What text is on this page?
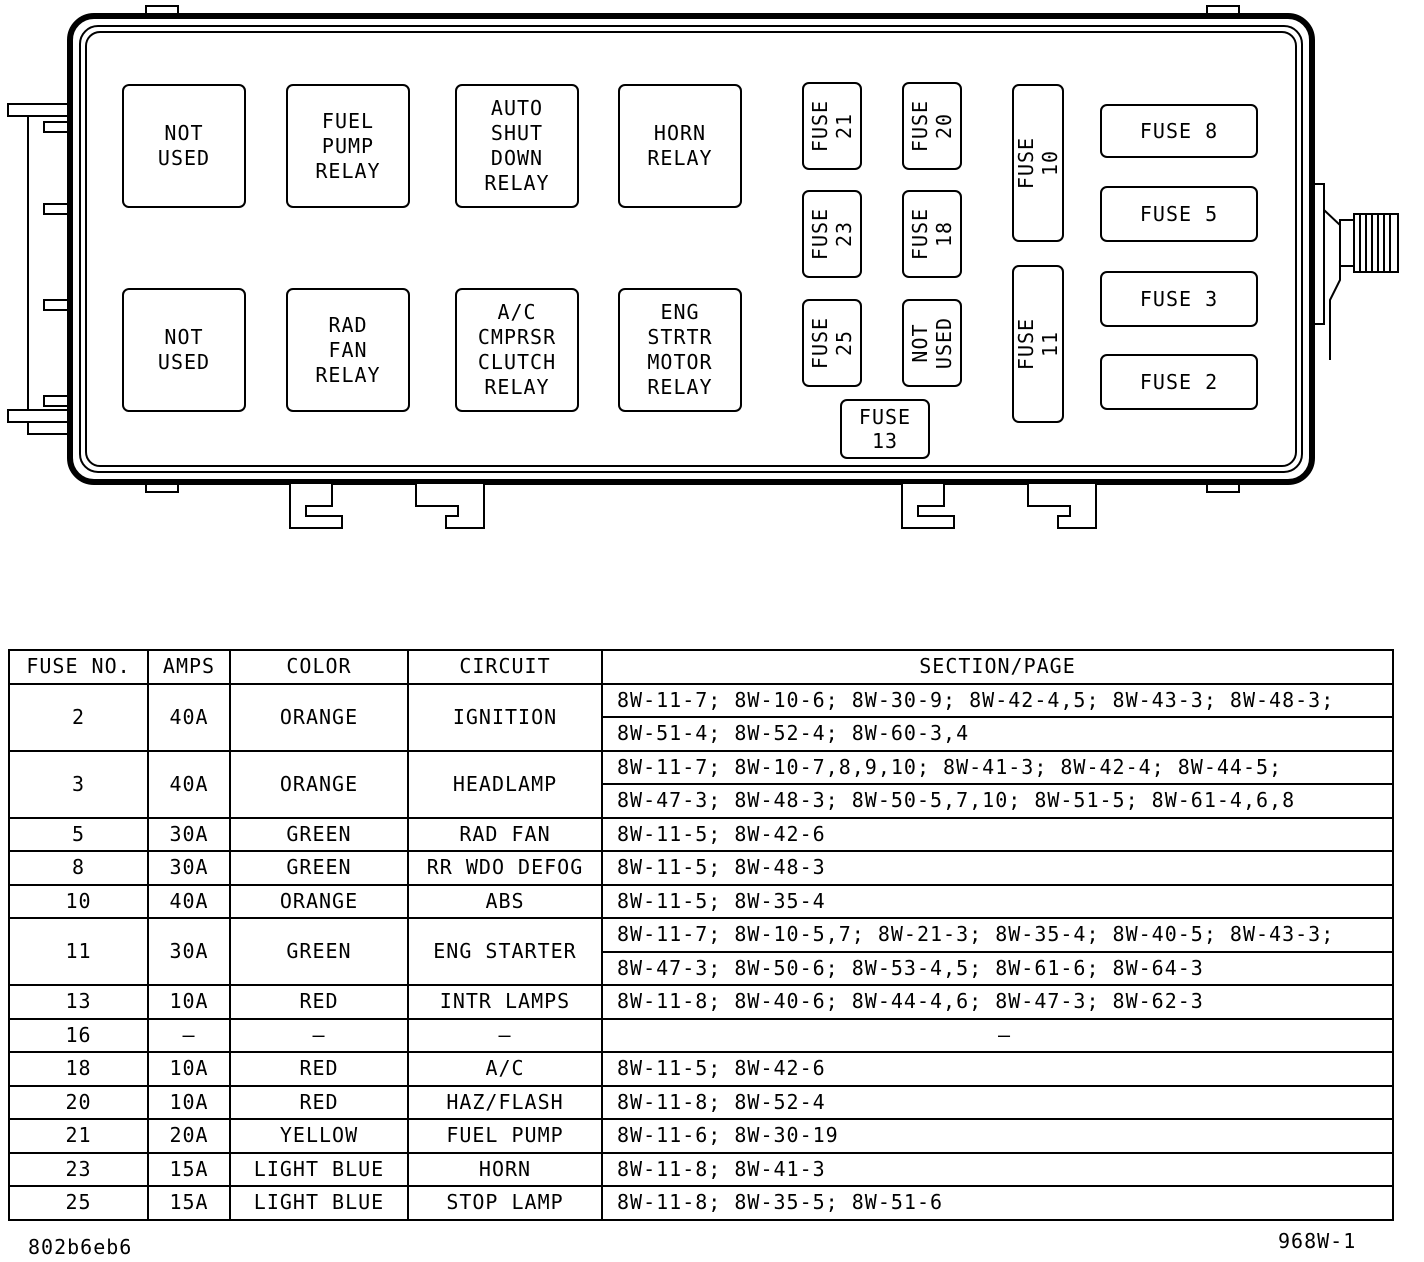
NOT
USED
FUEL
PUMP
RELAY
AUTO
SHUT
DOWN
RELAY
HORN
RELAY
NOT
USED
RAD
FAN
RELAY
A/C
CMPRSR
CLUTCH
RELAY
ENG
STRTR
MOTOR
RELAY
FUSE
21	FUSE
20
FUSE
23	FUSE
18
FUSE
25	NOT
USED
FUSE
13
FUSE 10
FUSE 11
FUSE 8
FUSE 5
FUSE 3
FUSE 2
FUSE NO.	AMPS	COLOR	CIRCUIT	SECTION/PAGE
2	40A	ORANGE	IGNITION	8W-11-7; 8W-10-6; 8W-30-9; 8W-42-4,5; 8W-43-3; 8W-48-3;
				8W-51-4; 8W-52-4; 8W-60-3,4
3	40A	ORANGE	HEADLAMP	8W-11-7; 8W-10-7,8,9,10; 8W-41-3; 8W-42-4; 8W-44-5;
				8W-47-3; 8W-48-3; 8W-50-5,7,10; 8W-51-5; 8W-61-4,6,8
5	30A	GREEN	RAD FAN	8W-11-5; 8W-42-6
8	30A	GREEN	RR WDO DEFOG	8W-11-5; 8W-48-3
10	40A	ORANGE	ABS	8W-11-5; 8W-35-4
11	30A	GREEN	ENG STARTER	8W-11-7; 8W-10-5,7; 8W-21-3; 8W-35-4; 8W-40-5; 8W-43-3;
				8W-47-3; 8W-50-6; 8W-53-4,5; 8W-61-6; 8W-64-3
13	10A	RED	INTR LAMPS	8W-11-8; 8W-40-6; 8W-44-4,6; 8W-47-3; 8W-62-3
16	–	–	–	–
18	10A	RED	A/C	8W-11-5; 8W-42-6
20	10A	RED	HAZ/FLASH	8W-11-8; 8W-52-4
21	20A	YELLOW	FUEL PUMP	8W-11-6; 8W-30-19
23	15A	LIGHT BLUE	HORN	8W-11-8; 8W-41-3
25	15A	LIGHT BLUE	STOP LAMP	8W-11-8; 8W-35-5; 8W-51-6
802b6eb6	968W-1
